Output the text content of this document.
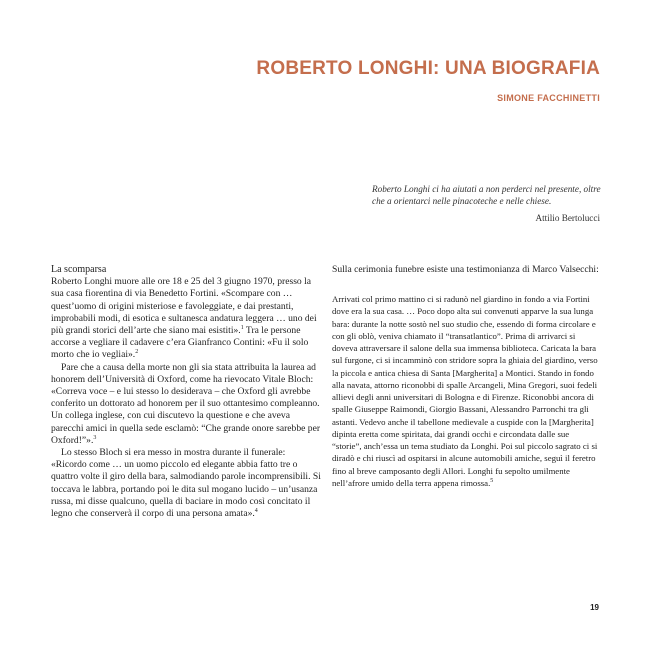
ROBERTO LONGHI: UNA BIOGRAFIA
SIMONE FACCHINETTI
Roberto Longhi ci ha aiutati a non perderci nel presente, oltre che a orientarci nelle pinacoteche e nelle chiese.
Attilio Bertolucci
La scomparsa

Roberto Longhi muore alle ore 18 e 25 del 3 giugno 1970, presso la sua casa fiorentina di via Benedetto Fortini. «Scompare con … quest’uomo di origini misteriose e favoleggiate, e dai prestanti, improbabili modi, di esotica e sultanesca andatura leggera … uno dei più grandi storici dell’arte che siano mai esistiti».$^1$ Tra le persone accorse a vegliare il cadavere c’era Gianfranco Contini: «Fu il solo morto che io vegliai».$^2$

Pare che a causa della morte non gli sia stata attribuita la laurea ad honorem dell’Università di Oxford, come ha rievocato Vitale Bloch: «Correva voce – e lui stesso lo desiderava – che Oxford gli avrebbe conferito un dottorato ad honorem per il suo ottantesimo compleanno. Un collega inglese, con cui discutevo la questione e che aveva parecchi amici in quella sede esclamò: “Che grande onore sarebbe per Oxford!”».$^3$

Lo stesso Bloch si era messo in mostra durante il funerale: «Ricordo come … un uomo piccolo ed elegante abbia fatto tre o quattro volte il giro della bara, salmodiando parole incomprensibili. Si toccava le labbra, portando poi le dita sul mogano lucido – un’usanza russa, mi disse qualcuno, quella di baciare in modo così concitato il legno che conserverà il corpo di una persona amata».$^4$

Sulla cerimonia funebre esiste una testimonianza di Marco Valsecchi:

Arrivati col primo mattino ci si radunò nel giardino in fondo a via Fortini dove era la sua casa. … Poco dopo alta sui convenuti apparve la sua lunga bara: durante la notte sostò nel suo studio che, essendo di forma circolare e con gli oblò, veniva chiamato il “transatlantico”. Prima di arrivarci si doveva attraversare il salone della sua immensa biblioteca. Caricata la bara sul furgone, ci si incamminò con stridore sopra la ghiaia del giardino, verso la piccola e antica chiesa di Santa [Margherita] a Montici. Stando in fondo alla navata, attorno riconobbi di spalle Arcangeli, Mina Gregori, suoi fedeli allievi degli anni universitari di Bologna e di Firenze. Riconobbi ancora di spalle Giuseppe Raimondi, Giorgio Bassani, Alessandro Parronchi tra gli astanti. Vedevo anche il tabellone medievale a cuspide con la [Margherita] dipinta eretta come spiritata, dai grandi occhi e circondata dalle sue “storie”, anch’essa un tema studiato da Longhi. Poi sul piccolo sagrato ci si diradò e chi riuscì ad ospitarsi in alcune automobili amiche, seguì il feretro fino al breve camposanto degli Allori. Longhi fu sepolto umilmente nell’afrore umido della terra appena rimossa.$^5$

19
